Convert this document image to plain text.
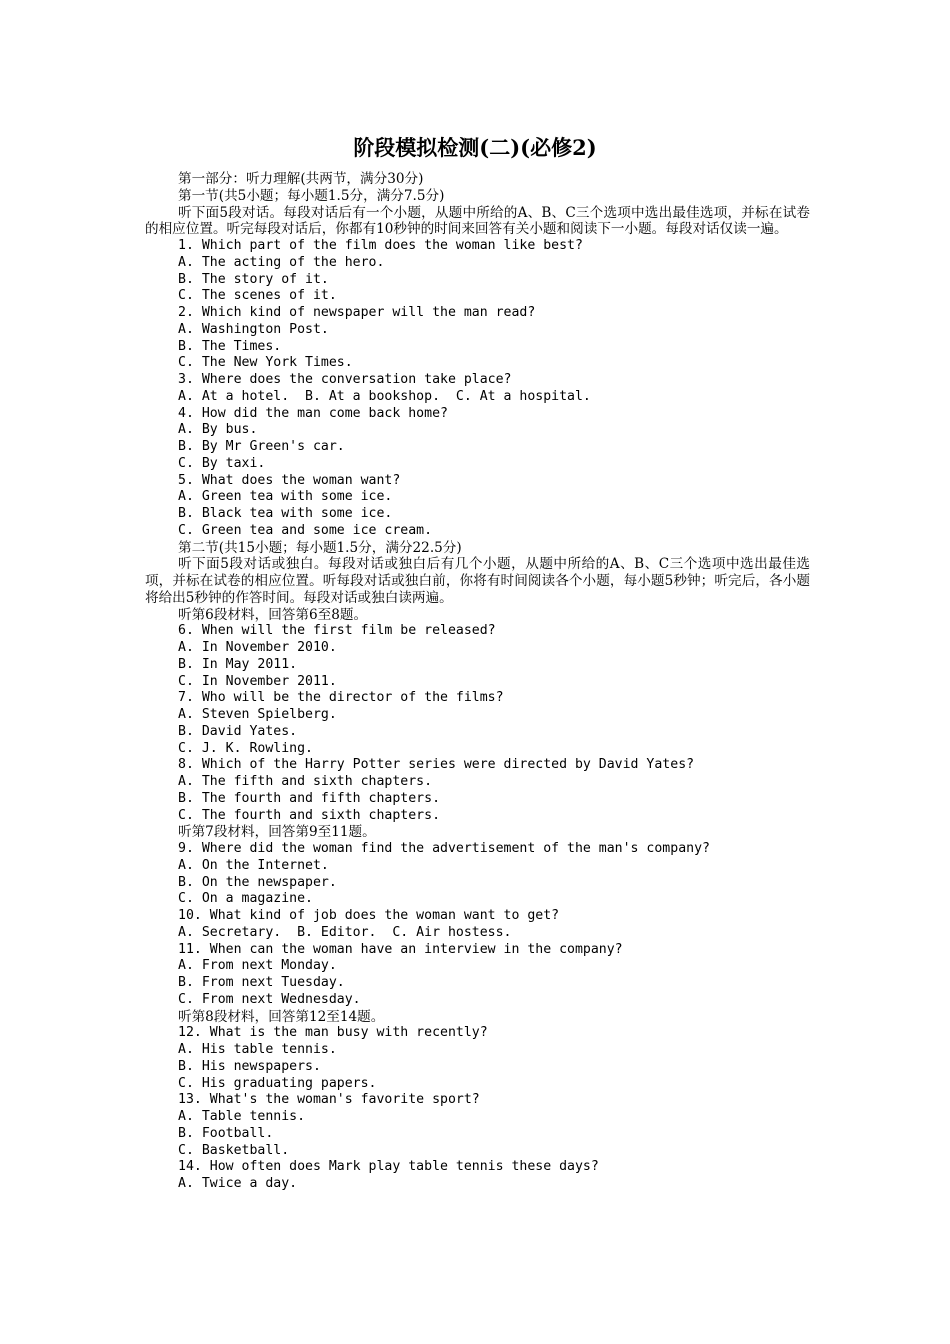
阶段模拟检测(二)(必修2)
第一部分：听力理解(共两节，满分30分)
第一节(共5小题；每小题1.5分，满分7.5分)

听下面5段对话。每段对话后有一个小题，从题中所给的A、B、C三个选项中选出最佳选项，并标在试卷的相应位置。听完每段对话后，你都有10秒钟的时间来回答有关小题和阅读下一小题。每段对话仅读一遍。

1. Which part of the film does the woman like best?
A. The acting of the hero.
B. The story of it.
C. The scenes of it.
2. Which kind of newspaper will the man read?
A. Washington Post.
B. The Times.
C. The New York Times.
3. Where does the conversation take place?
A. At a hotel.  B. At a bookshop.  C. At a hospital.
4. How did the man come back home?
A. By bus.
B. By Mr Green's car.
C. By taxi.
5. What does the woman want?
A. Green tea with some ice.
B. Black tea with some ice.
C. Green tea and some ice cream.
第二节(共15小题；每小题1.5分，满分22.5分)

听下面5段对话或独白。每段对话或独白后有几个小题，从题中所给的A、B、C三个选项中选出最佳选项，并标在试卷的相应位置。听每段对话或独白前，你将有时间阅读各个小题，每小题5秒钟；听完后，各小题将给出5秒钟的作答时间。每段对话或独白读两遍。

听第6段材料，回答第6至8题。
6. When will the first film be released?
A. In November 2010.
B. In May 2011.
C. In November 2011.
7. Who will be the director of the films?
A. Steven Spielberg.
B. David Yates.
C. J. K. Rowling.
8. Which of the Harry Potter series were directed by David Yates?
A. The fifth and sixth chapters.
B. The fourth and fifth chapters.
C. The fourth and sixth chapters.
听第7段材料，回答第9至11题。
9. Where did the woman find the advertisement of the man's company?
A. On the Internet.
B. On the newspaper.
C. On a magazine.
10. What kind of job does the woman want to get?
A. Secretary.  B. Editor.  C. Air hostess.
11. When can the woman have an interview in the company?
A. From next Monday.
B. From next Tuesday.
C. From next Wednesday.
听第8段材料，回答第12至14题。
12. What is the man busy with recently?
A. His table tennis.
B. His newspapers.
C. His graduating papers.
13. What's the woman's favorite sport?
A. Table tennis.
B. Football.
C. Basketball.
14. How often does Mark play table tennis these days?
A. Twice a day.
